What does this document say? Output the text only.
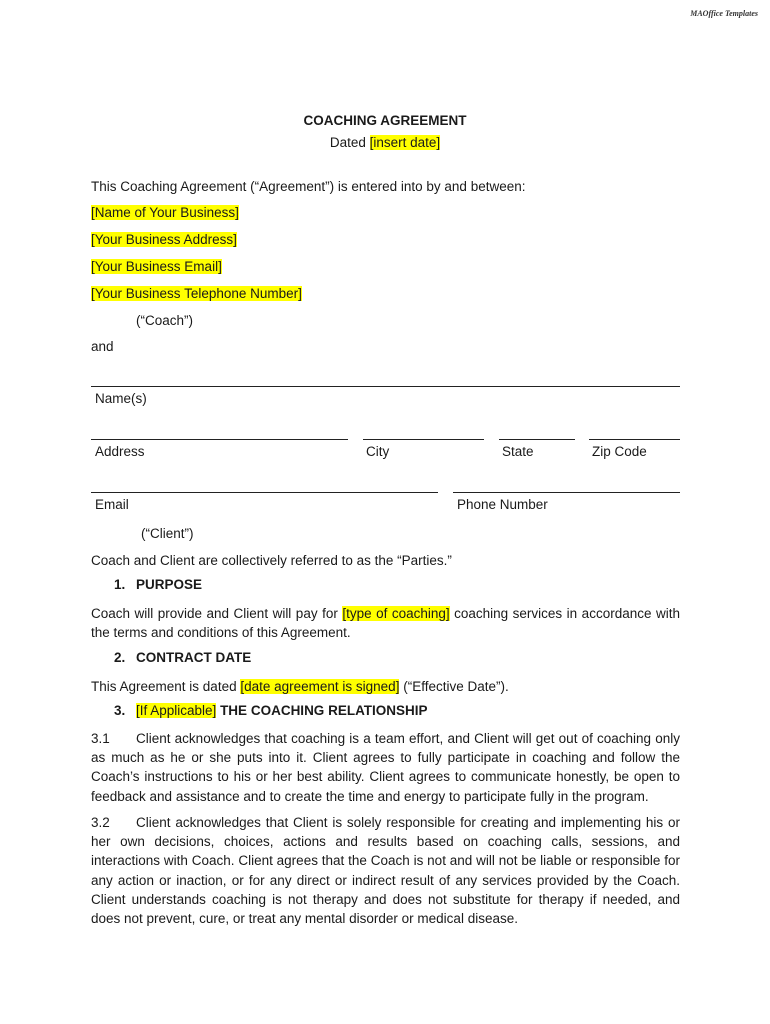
MAOffice Templates
COACHING AGREEMENT
Dated [insert date]
This Coaching Agreement (“Agreement”) is entered into by and between:
[Name of Your Business]
[Your Business Address]
[Your Business Email]
[Your Business Telephone Number]
(“Coach”)
and
Name(s)
Address	City	State	Zip Code
Email	Phone Number
(“Client”)
Coach and Client are collectively referred to as the “Parties.”
1. PURPOSE
Coach will provide and Client will pay for [type of coaching] coaching services in accordance with the terms and conditions of this Agreement.
2. CONTRACT DATE
This Agreement is dated [date agreement is signed] (“Effective Date”).
3. [If Applicable] THE COACHING RELATIONSHIP
3.1 Client acknowledges that coaching is a team effort, and Client will get out of coaching only as much as he or she puts into it. Client agrees to fully participate in coaching and follow the Coach’s instructions to his or her best ability. Client agrees to communicate honestly, be open to feedback and assistance and to create the time and energy to participate fully in the program.
3.2 Client acknowledges that Client is solely responsible for creating and implementing his or her own decisions, choices, actions and results based on coaching calls, sessions, and interactions with Coach. Client agrees that the Coach is not and will not be liable or responsible for any action or inaction, or for any direct or indirect result of any services provided by the Coach. Client understands coaching is not therapy and does not substitute for therapy if needed, and does not prevent, cure, or treat any mental disorder or medical disease.
